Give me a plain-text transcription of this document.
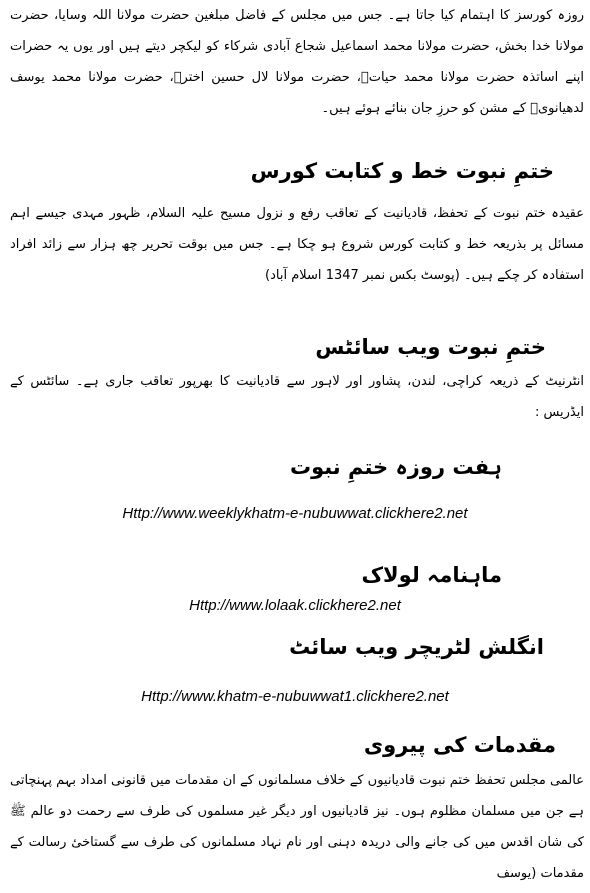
روزہ کورسز کا اہتمام کیا جاتا ہے۔ جس میں مجلس کے فاضل مبلغین حضرت مولانا اللہ وسایا، حضرت مولانا خدا بخش، حضرت مولانا محمد اسماعیل شجاع آبادی شرکاء کو لیکچر دیتے ہیں اور یوں یہ حضرات اپنے اساتذہ حضرت مولانا محمد حیاتؒ، حضرت مولانا لال حسین اخترؒ، حضرت مولانا محمد یوسف لدھیانویؒ کے مشن کو حرزِ جان بنائے ہوئے ہیں۔

ختمِ نبوت خط و کتابت کورس

عقیدہ ختم نبوت کے تحفظ، قادیانیت کے تعاقب رفع و نزول مسیح علیہ السلام، ظہور مہدی جیسے اہم مسائل پر بذریعہ خط و کتابت کورس شروع ہو چکا ہے۔ جس میں بوقت تحریر چھ ہزار سے زائد افراد استفادہ کر چکے ہیں۔ (پوسٹ بکس نمبر 1347 اسلام آباد)

ختمِ نبوت ویب سائٹس

انٹرنیٹ کے ذریعہ کراچی، لندن، پشاور اور لاہور سے قادیانیت کا بھرپور تعاقب جاری ہے۔ سائٹس کے ایڈریس :

ہفت روزہ ختمِ نبوت

Http://www.weeklykhatm-e-nubuwwat.clickhere2.net

ماہنامہ لولاک

Http://www.lolaak.clickhere2.net

انگلش لٹریچر ویب سائٹ

Http://www.khatm-e-nubuwwat1.clickhere2.net

مقدمات کی پیروی

عالمی مجلس تحفظ ختم نبوت قادیانیوں کے خلاف مسلمانوں کے ان مقدمات میں قانونی امداد بہم پہنچاتی ہے جن میں مسلمان مظلوم ہوں۔ نیز قادیانیوں اور دیگر غیر مسلموں کی طرف سے رحمت دو عالم ﷺ کی شان اقدس میں کی جانے والی دریدہ دہنی اور نام نہاد مسلمانوں کی طرف سے گستاخیٔ رسالت کے مقدمات (یوسف
